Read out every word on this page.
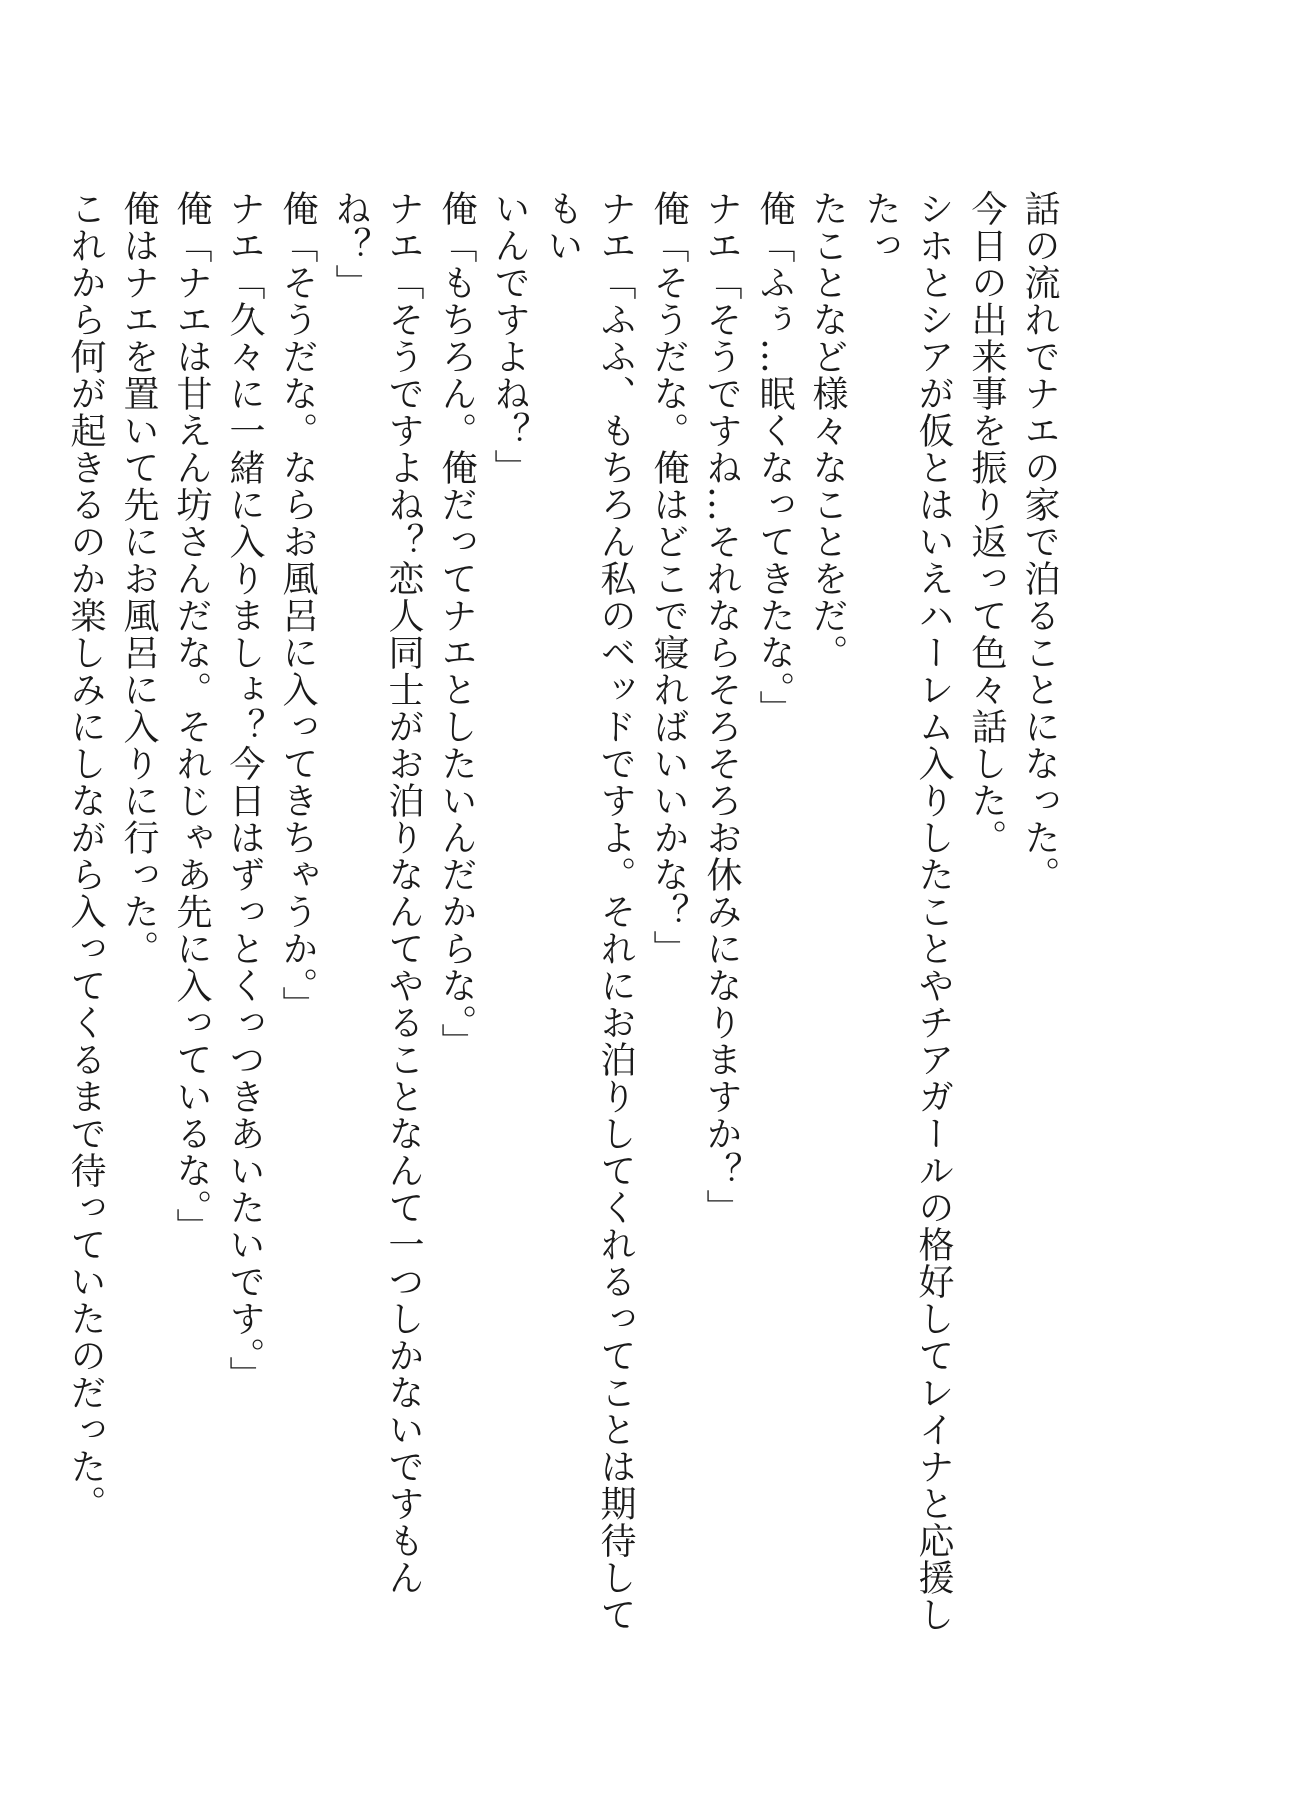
話の流れでナエの家で泊ることになった。

今日の出来事を振り返って色々話した。

シホとシアが仮とはいえハーレム入りしたことやチアガールの格好してレイナと応援したっ

たことなど様々なことをだ。

俺「ふぅ…眠くなってきたな。」

ナエ「そうですね…それならそろそろお休みになりますか？」

俺「そうだな。俺はどこで寝ればいいかな？」

ナエ「ふふ、もちろん私のベッドですよ。それにお泊りしてくれるってことは期待してもい

いんですよね？」

俺「もちろん。俺だってナエとしたいんだからな。」

ナエ「そうですよね？恋人同士がお泊りなんてやることなんて一つしかないですもんね？」

俺「そうだな。ならお風呂に入ってきちゃうか。」

ナエ「久々に一緒に入りましょ？今日はずっとくっつきあいたいです。」

俺「ナエは甘えん坊さんだな。それじゃあ先に入っているな。」

俺はナエを置いて先にお風呂に入りに行った。

これから何が起きるのか楽しみにしながら入ってくるまで待っていたのだった。
